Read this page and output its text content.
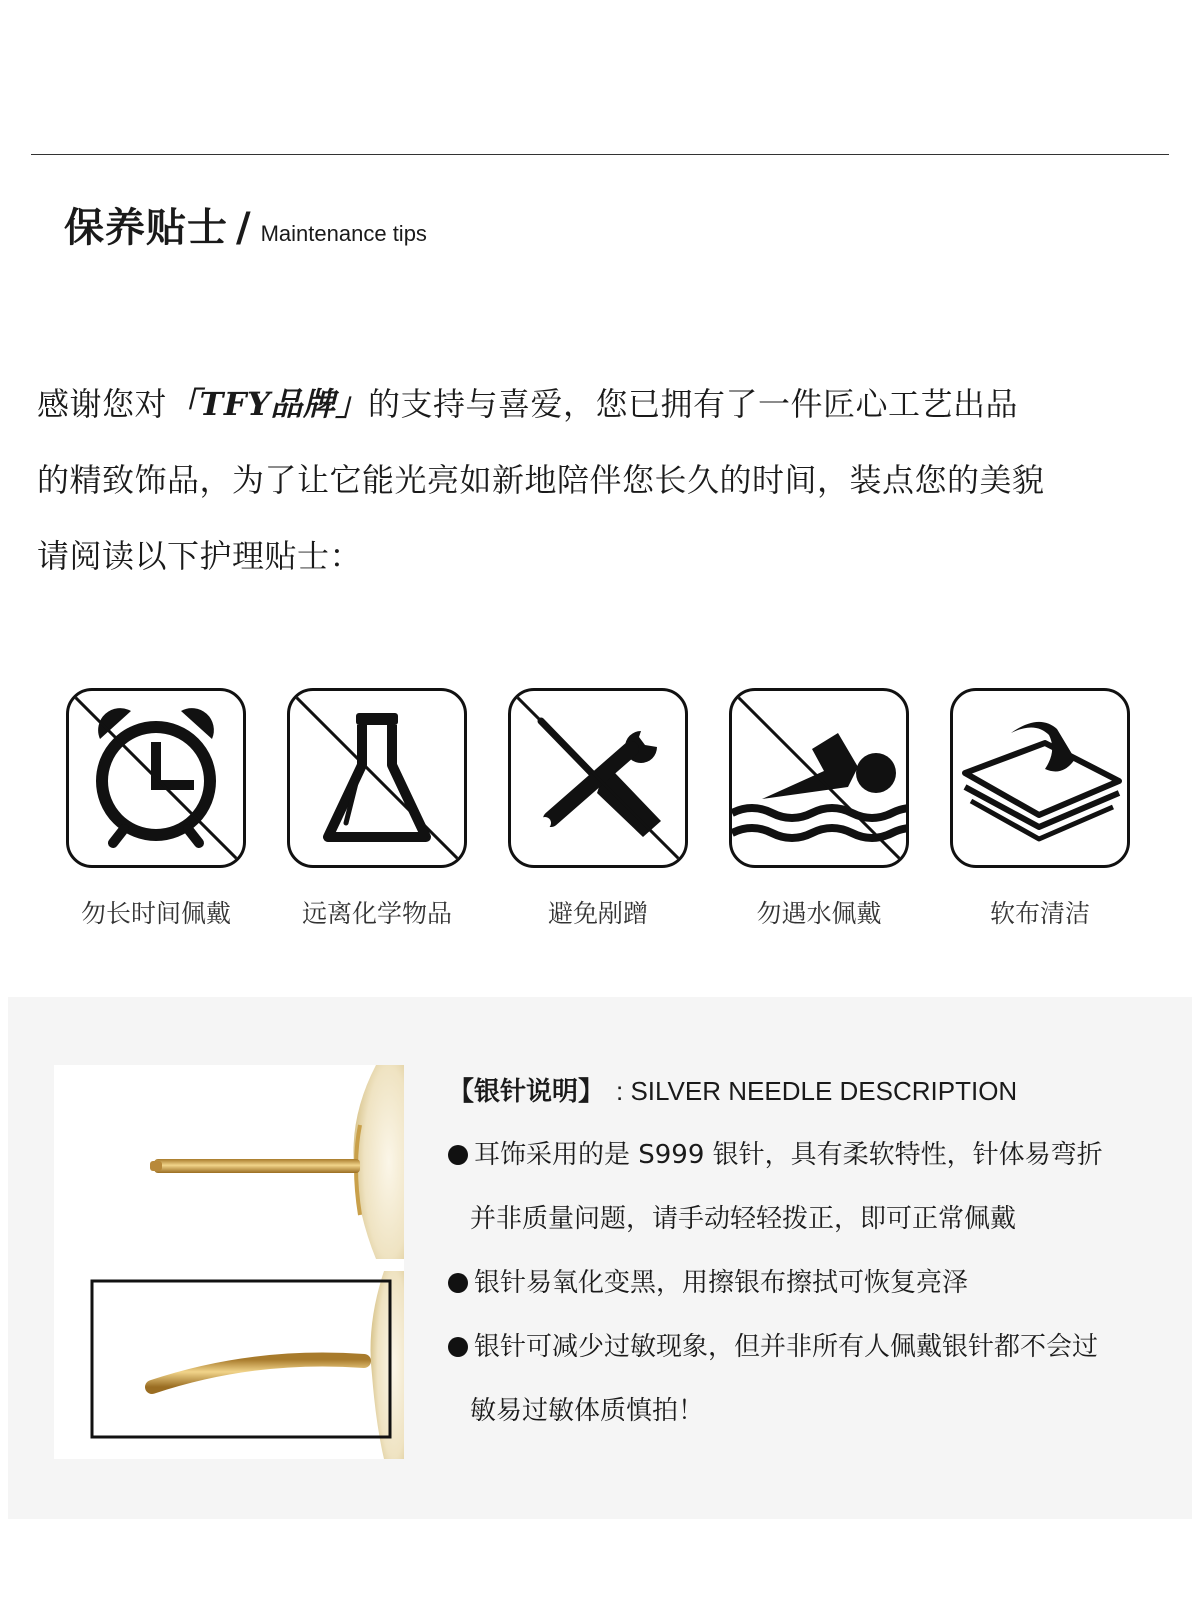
保养贴士 / Maintenance tips

感谢您对「TFY品牌」的支持与喜爱，您已拥有了一件匠心工艺出品

的精致饰品，为了让它能光亮如新地陪伴您长久的时间，装点您的美貌

请阅读以下护理贴士：

勿长时间佩戴	远离化学物品	避免剐蹭	勿遇水佩戴	软布清洁
【银针说明】 : SILVER NEEDLE DESCRIPTION
耳饰采用的是 S999 银针，具有柔软特性，针体易弯折
并非质量问题，请手动轻轻拨正，即可正常佩戴
银针易氧化变黑，用擦银布擦拭可恢复亮泽
银针可减少过敏现象，但并非所有人佩戴银针都不会过
敏易过敏体质慎拍！
